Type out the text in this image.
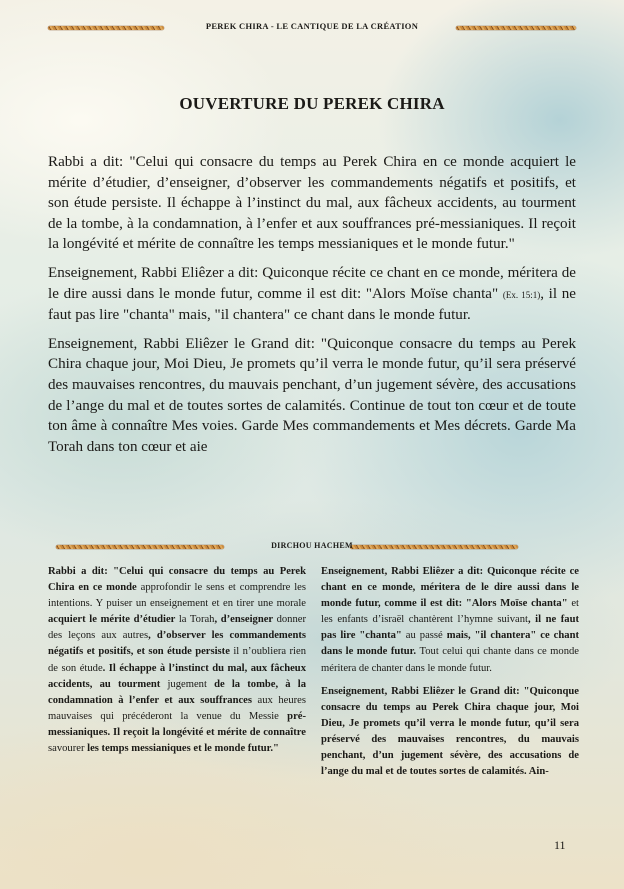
PEREK CHIRA - LE CANTIQUE DE LA CRÉATION
OUVERTURE DU PEREK CHIRA

Rabbi a dit: "Celui qui consacre du temps au Perek Chira en ce monde acquiert le mérite d’étudier, d’enseigner, d’observer les commandements négatifs et positifs, et son étude persiste. Il échappe à l’instinct du mal, aux fâcheux accidents, au tourment de la tombe, à la condamnation, à l’enfer et aux souffrances pré-messianiques. Il reçoit la longévité et mérite de connaître les temps messianiques et le monde futur."

Enseignement, Rabbi Eliêzer a dit: Quiconque récite ce chant en ce monde, méritera de le dire aussi dans le monde futur, comme il est dit: "Alors Moïse chanta" (Ex. 15:1), il ne faut pas lire "chanta" mais, "il chantera" ce chant dans le monde futur.

Enseignement, Rabbi Eliêzer le Grand dit: "Quiconque consacre du temps au Perek Chira chaque jour, Moi Dieu, Je promets qu’il verra le monde futur, qu’il sera préservé des mauvaises rencontres, du mauvais penchant, d’un jugement sévère, des accusations de l’ange du mal et de toutes sortes de calamités. Continue de tout ton cœur et de toute ton âme à connaître Mes voies. Garde Mes commandements et Mes décrets. Garde Ma Torah dans ton cœur et aie

DIRCHOU HACHEM

Rabbi a dit: "Celui qui consacre du temps au Perek Chira en ce monde approfondir le sens et comprendre les intentions. Y puiser un enseignement et en tirer une morale acquiert le mérite d’étudier la Torah, d’enseigner donner des leçons aux autres, d’observer les commandements négatifs et positifs, et son étude persiste il n’oubliera rien de son étude. Il échappe à l’instinct du mal, aux fâcheux accidents, au tourment jugement de la tombe, à la condamnation à l’enfer et aux souffrances aux heures mauvaises qui précéderont la venue du Messie pré-messianiques. Il reçoit la longévité et mérite de connaître savourer les temps messianiques et le monde futur."

Enseignement, Rabbi Eliêzer a dit: Quiconque récite ce chant en ce monde, méritera de le dire aussi dans le monde futur, comme il est dit: "Alors Moïse chanta" et les enfants d’israël chantèrent l’hymne suivant, il ne faut pas lire "chanta" au passé mais, "il chantera" ce chant dans le monde futur. Tout celui qui chante dans ce monde méritera de chanter dans le monde futur.

Enseignement, Rabbi Eliêzer le Grand dit: "Quiconque consacre du temps au Perek Chira chaque jour, Moi Dieu, Je promets qu’il verra le monde futur, qu’il sera préservé des mauvaises rencontres, du mauvais penchant, d’un jugement sévère, des accusations de l’ange du mal et de toutes sortes de calamités. Ain-

11
